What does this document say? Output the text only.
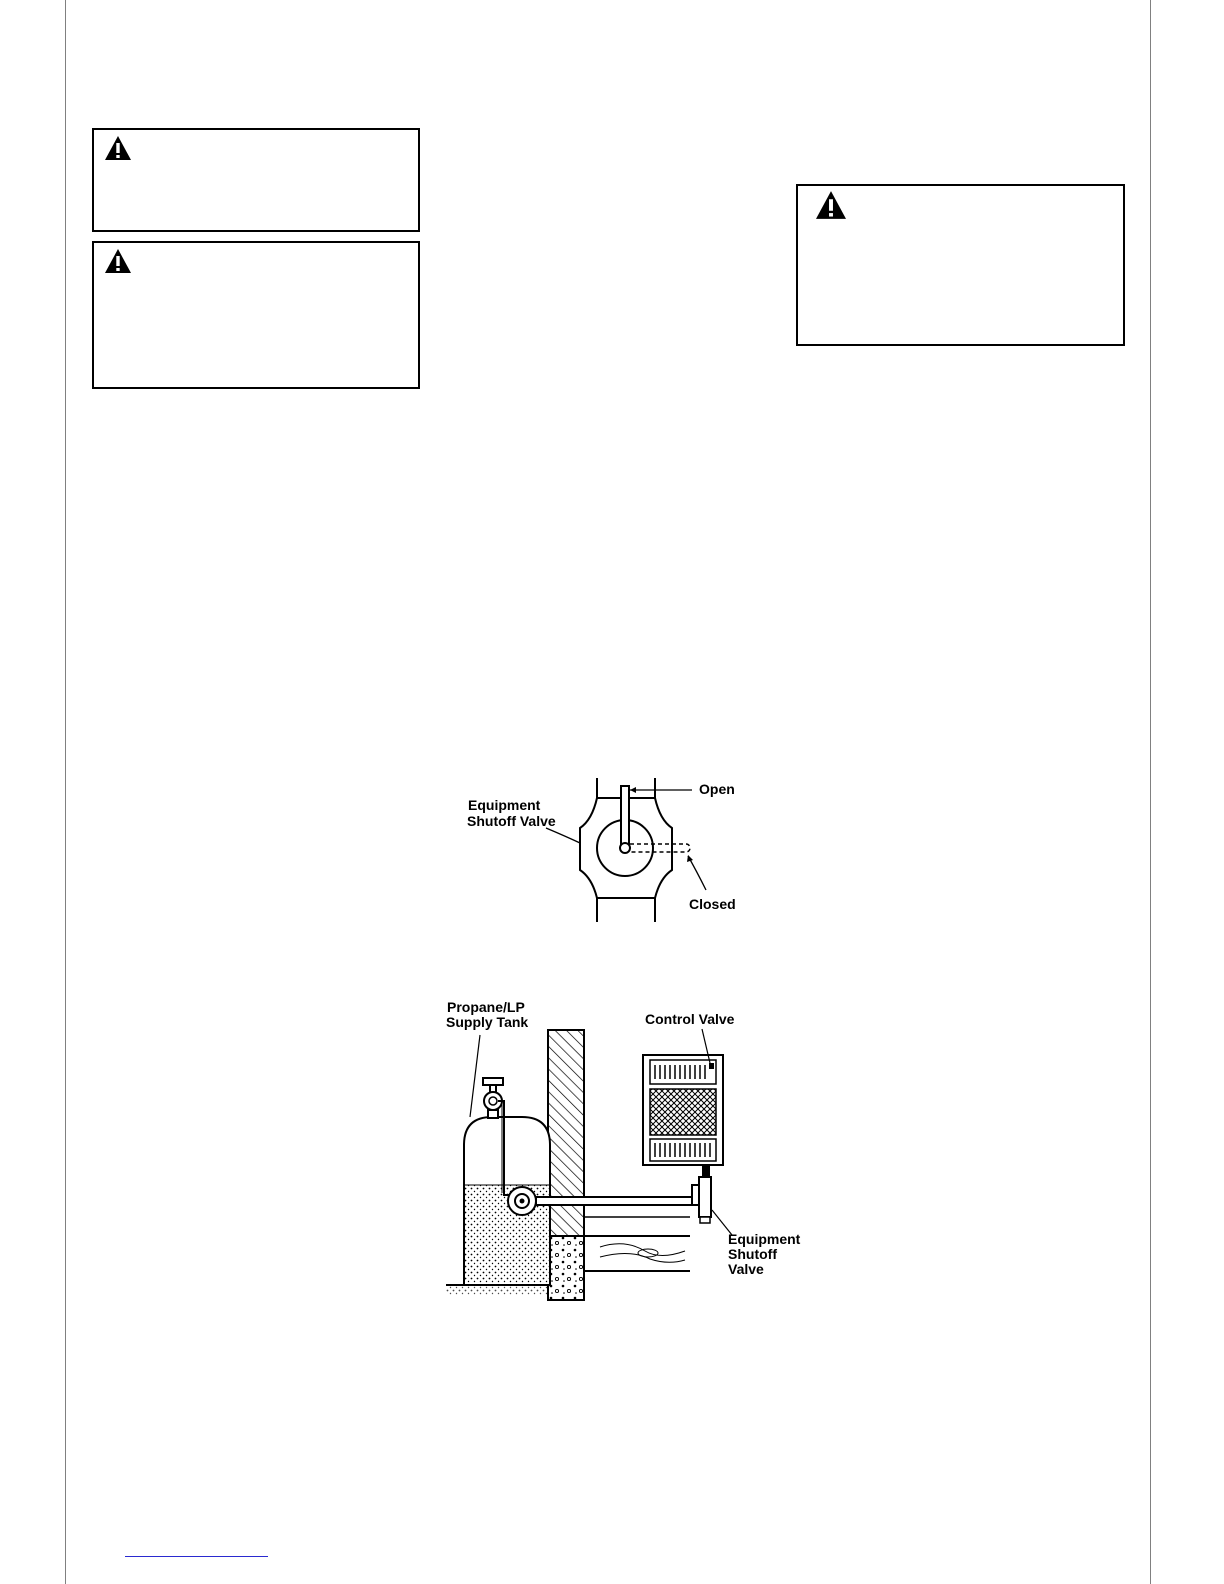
Equipment
Shutoff Valve
Open
Closed
Propane/LP
Supply Tank	Control Valve
Equipment
Shutoff
Valve
